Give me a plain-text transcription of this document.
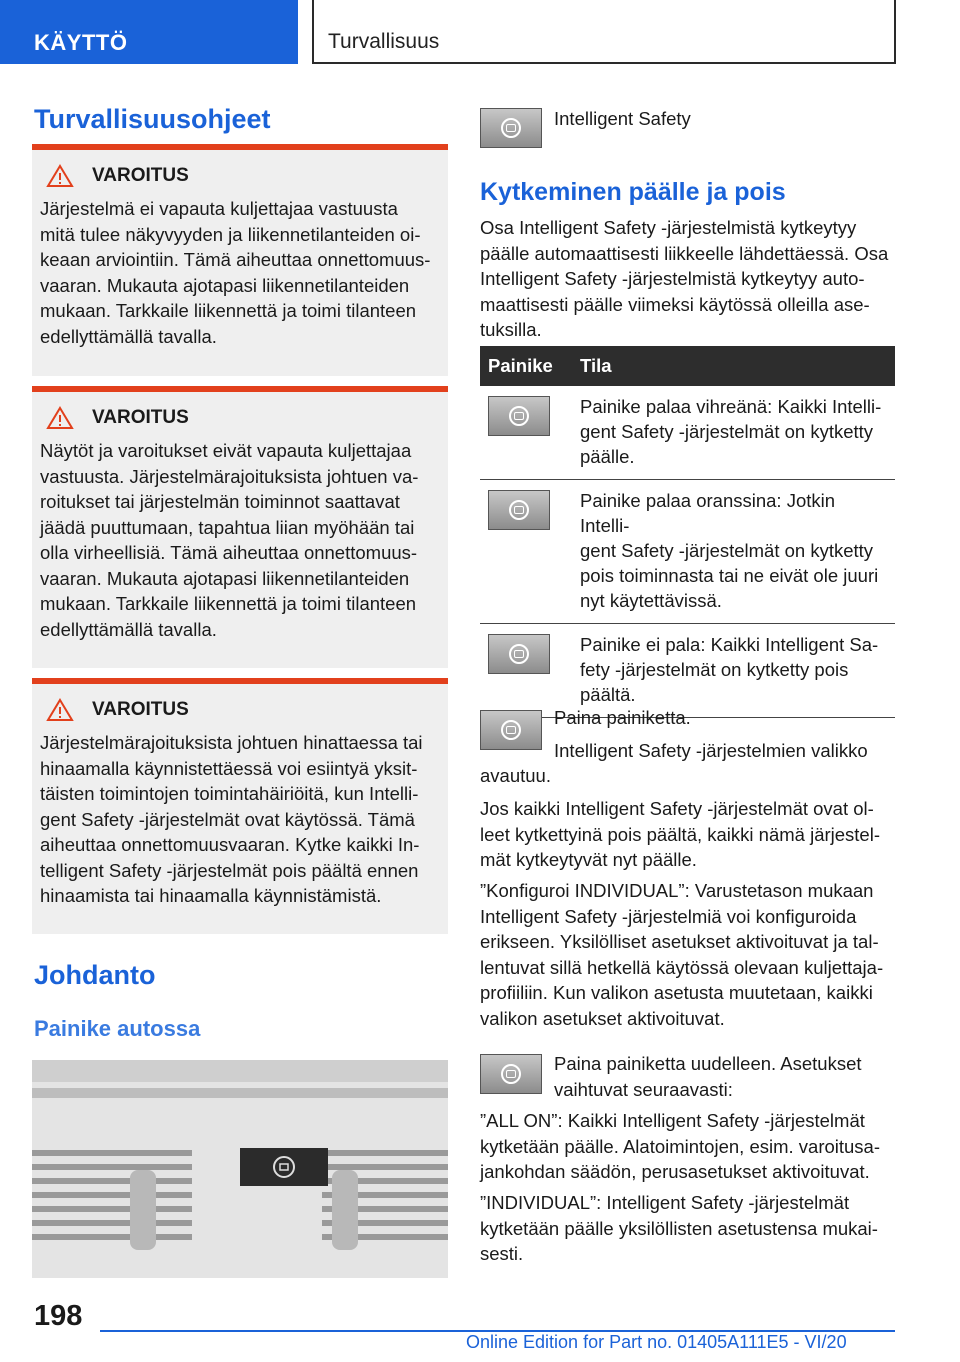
KÄYTTÖ	Turvallisuus
Turvallisuusohjeet
VAROITUS

Järjestelmä ei vapauta kuljettajaa vastuusta
mitä tulee näkyvyyden ja liikennetilanteiden oi-
keaan arviointiin. Tämä aiheuttaa onnettomuus-
vaaran. Mukauta ajotapasi liikennetilanteiden
mukaan. Tarkkaile liikennettä ja toimi tilanteen
edellyttämällä tavalla.

VAROITUS

Näytöt ja varoitukset eivät vapauta kuljettajaa
vastuusta. Järjestelmärajoituksista johtuen va-
roitukset tai järjestelmän toiminnot saattavat
jäädä puuttumaan, tapahtua liian myöhään tai
olla virheellisiä. Tämä aiheuttaa onnettomuus-
vaaran. Mukauta ajotapasi liikennetilanteiden
mukaan. Tarkkaile liikennettä ja toimi tilanteen
edellyttämällä tavalla.

VAROITUS

Järjestelmärajoituksista johtuen hinattaessa tai
hinaamalla käynnistettäessä voi esiintyä yksit-
täisten toimintojen toimintahäiriöitä, kun Intelli-
gent Safety -järjestelmät ovat käytössä. Tämä
aiheuttaa onnettomuusvaaran. Kytke kaikki In-
telligent Safety -järjestelmät pois päältä ennen
hinaamista tai hinaamalla käynnistämistä.

Johdanto
Painike autossa
Intelligent Safety
Kytkeminen päälle ja pois

Osa Intelligent Safety -järjestelmistä kytkeytyy
päälle automaattisesti liikkeelle lähdettäessä. Osa
Intelligent Safety -järjestelmistä kytkeytyy auto-
maattisesti päälle viimeksi käytössä olleilla ase-
tuksilla.

Painike	Tila

	Painike palaa vihreänä: Kaikki Intelli-
gent Safety -järjestelmät on kytketty
päälle.

	Painike palaa oranssina: Jotkin Intelli-
gent Safety -järjestelmät on kytketty
pois toiminnasta tai ne eivät ole juuri
nyt käytettävissä.

	Painike ei pala: Kaikki Intelligent Sa-
fety -järjestelmät on kytketty pois
päältä.
Paina painiketta.
Intelligent Safety -järjestelmien valikko
avautuu.

Jos kaikki Intelligent Safety -järjestelmät ovat ol-
leet kytkettyinä pois päältä, kaikki nämä järjestel-
mät kytkeytyvät nyt päälle.

”Konfiguroi INDIVIDUAL”: Varustetason mukaan
Intelligent Safety -järjestelmiä voi konfiguroida
erikseen. Yksilölliset asetukset aktivoituvat ja tal-
lentuvat sillä hetkellä käytössä olevaan kuljettaja-
profiiliin. Kun valikon asetusta muutetaan, kaikki
valikon asetukset aktivoituvat.

Paina painiketta uudelleen. Asetukset
vaihtuvat seuraavasti:

”ALL ON”: Kaikki Intelligent Safety -järjestelmät
kytketään päälle. Alatoimintojen, esim. varoitusa-
jankohdan säädön, perusasetukset aktivoituvat.

”INDIVIDUAL”: Intelligent Safety -järjestelmät
kytketään päälle yksilöllisten asetustensa mukai-
sesti.

198
Online Edition for Part no. 01405A111E5 - VI/20
